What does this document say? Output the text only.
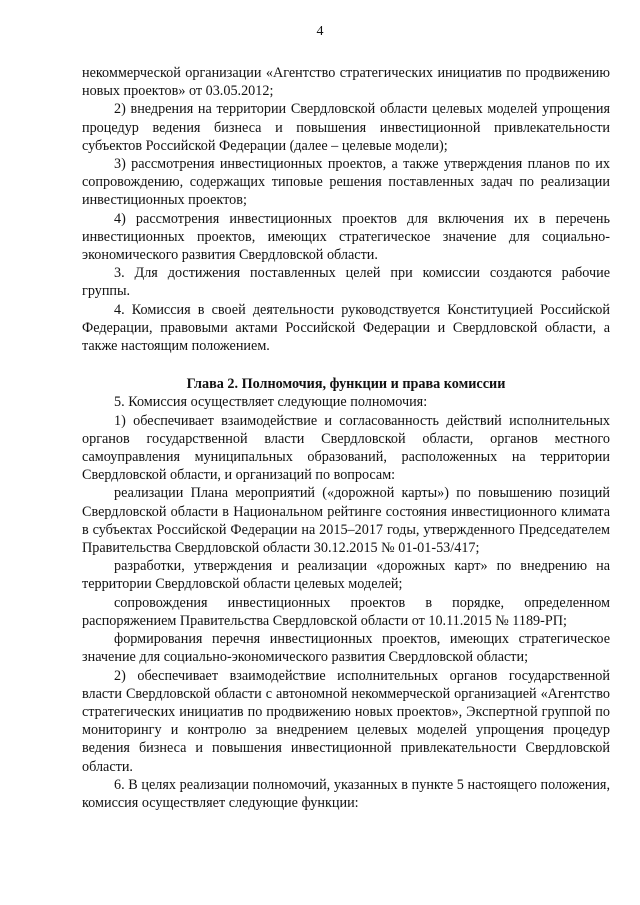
4

некоммерческой организации «Агентство стратегических инициатив по продвижению новых проектов» от 03.05.2012;

2) внедрения на территории Свердловской области целевых моделей упрощения процедур ведения бизнеса и повышения инвестиционной привлекательности субъектов Российской Федерации (далее – целевые модели);

3) рассмотрения инвестиционных проектов, а также утверждения планов по их сопровождению, содержащих типовые решения поставленных задач по реализации инвестиционных проектов;

4) рассмотрения инвестиционных проектов для включения их в перечень инвестиционных проектов, имеющих стратегическое значение для социально-экономического развития Свердловской области.

3. Для достижения поставленных целей при комиссии создаются рабочие группы.

4. Комиссия в своей деятельности руководствуется Конституцией Российской Федерации, правовыми актами Российской Федерации и Свердловской области, а также настоящим положением.

Глава 2. Полномочия, функции и права комиссии

5. Комиссия осуществляет следующие полномочия:

1) обеспечивает взаимодействие и согласованность действий исполнительных органов государственной власти Свердловской области, органов местного самоуправления муниципальных образований, расположенных на территории Свердловской области, и организаций по вопросам:

реализации Плана мероприятий («дорожной карты») по повышению позиций Свердловской области в Национальном рейтинге состояния инвестиционного климата в субъектах Российской Федерации на 2015–2017 годы, утвержденного Председателем Правительства Свердловской области 30.12.2015 № 01-01-53/417;

разработки, утверждения и реализации «дорожных карт» по внедрению на территории Свердловской области целевых моделей;

сопровождения инвестиционных проектов в порядке, определенном распоряжением Правительства Свердловской области от 10.11.2015 № 1189-РП;

формирования перечня инвестиционных проектов, имеющих стратегическое значение для социально-экономического развития Свердловской области;

2) обеспечивает взаимодействие исполнительных органов государственной власти Свердловской области с автономной некоммерческой организацией «Агентство стратегических инициатив по продвижению новых проектов», Экспертной группой по мониторингу и контролю за внедрением целевых моделей упрощения процедур ведения бизнеса и повышения инвестиционной привлекательности Свердловской области.

6. В целях реализации полномочий, указанных в пункте 5 настоящего положения, комиссия осуществляет следующие функции:
